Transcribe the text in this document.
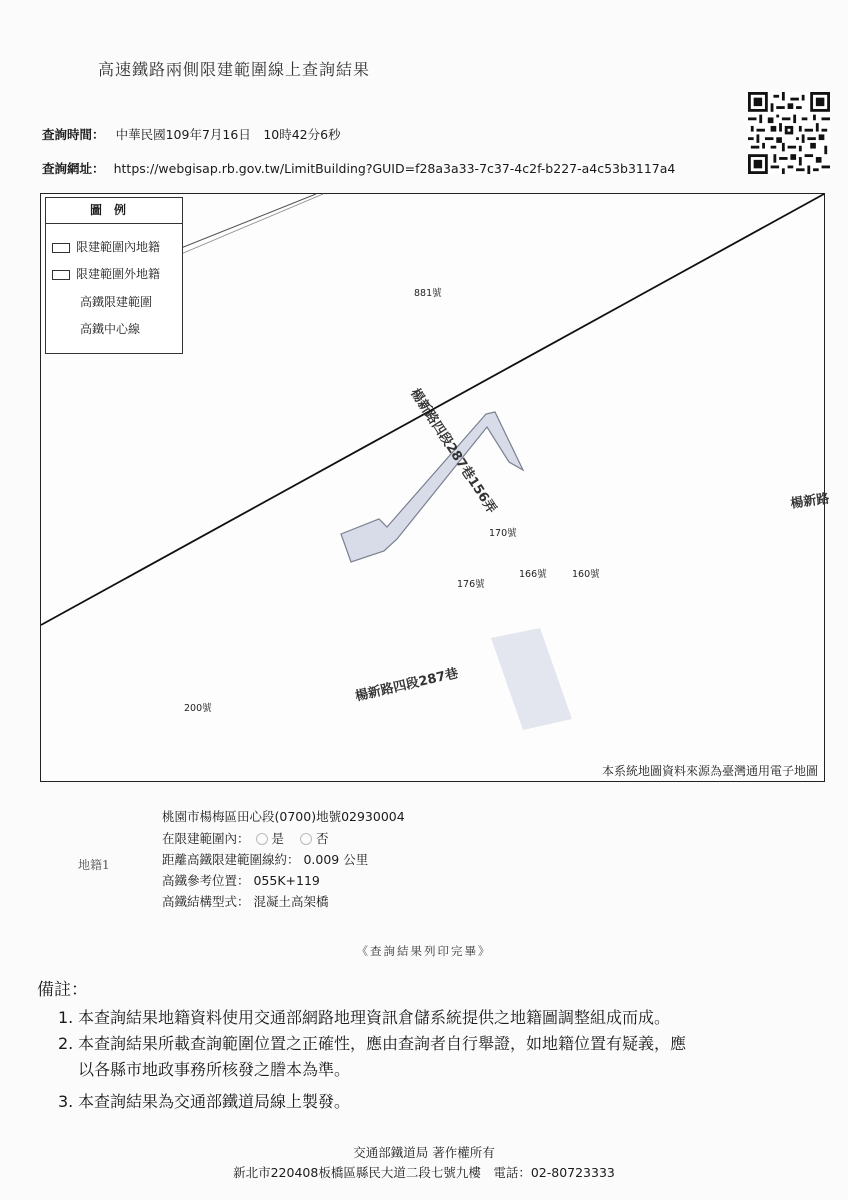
高速鐵路兩側限建範圍線上查詢結果
查詢時間： 中華民國109年7月16日　10時42分6秒
查詢網址： https://webgisap.rb.gov.tw/LimitBuilding?GUID=f28a3a33-7c37-4c2f-b227-a4c53b3117a4
圖例
限建範圍內地籍
限建範圍外地籍
高鐵限建範圍
高鐵中心線
881號
170號
176號
166號	160號
200號
楊新路四段287巷156弄
楊新路四段287巷
楊新路
本系統地圖資料來源為臺灣通用電子地圖
地籍1
桃園市楊梅區田心段(0700)地號02930004
在限建範圍內： 是	否
距離高鐵限建範圍線約： 0.009 公里
高鐵參考位置： 055K+119
高鐵結構型式： 混凝土高架橋
《查詢結果列印完畢》
備註：
1. 本查詢結果地籍資料使用交通部網路地理資訊倉儲系統提供之地籍圖調整組成而成。
2. 本查詢結果所載查詢範圍位置之正確性，應由查詢者自行舉證，如地籍位置有疑義，應
以各縣市地政事務所核發之謄本為準。
3. 本查詢結果為交通部鐵道局線上製發。
交通部鐵道局 著作權所有
新北市220408板橋區縣民大道二段七號九樓　電話：02-80723333
